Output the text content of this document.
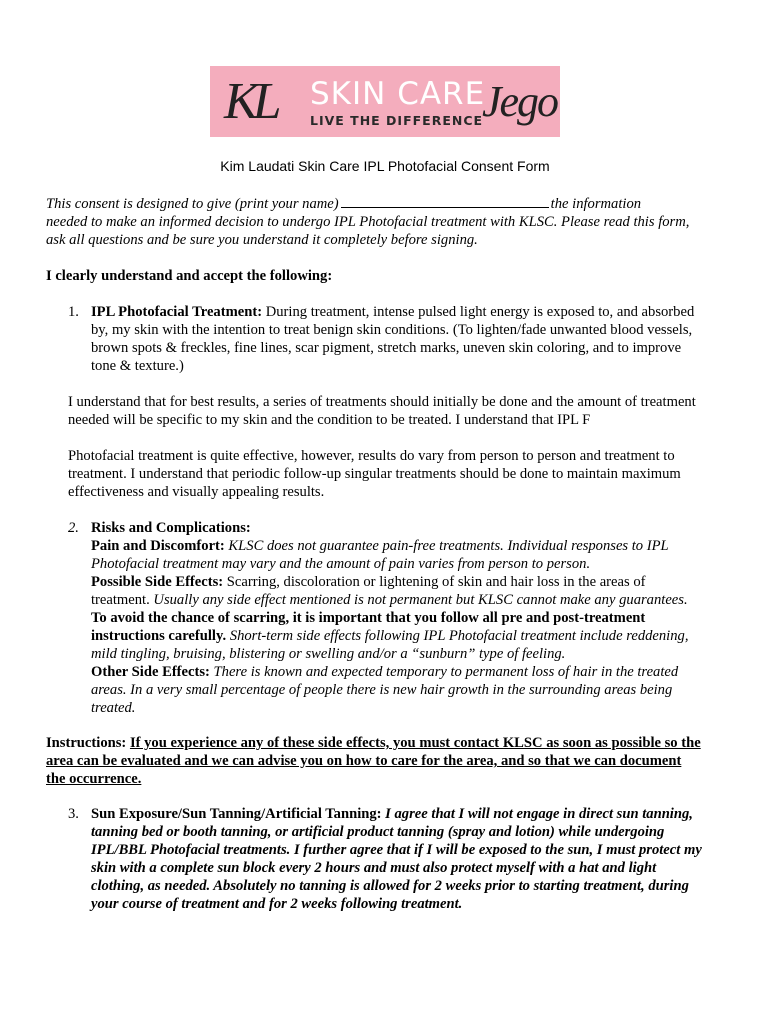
KL SKIN CARE
LIVE THE DIFFERENCE
Jego
Kim Laudati Skin Care IPL Photofacial Consent Form
This consent is designed to give (print your name)	the information
needed to make an informed decision to undergo IPL Photofacial treatment with KLSC. Please read this form,
ask all questions and be sure you understand it completely before signing.
I clearly understand and accept the following:
1. IPL Photofacial Treatment: During treatment, intense pulsed light energy is exposed to, and absorbed
by, my skin with the intention to treat benign skin conditions. (To lighten/fade unwanted blood vessels,
brown spots & freckles, fine lines, scar pigment, stretch marks, uneven skin coloring, and to improve
tone & texture.)
I understand that for best results, a series of treatments should initially be done and the amount of treatment
needed will be specific to my skin and the condition to be treated. I understand that IPL F
Photofacial treatment is quite effective, however, results do vary from person to person and treatment to
treatment. I understand that periodic follow-up singular treatments should be done to maintain maximum
effectiveness and visually appealing results.
2. Risks and Complications:
Pain and Discomfort: KLSC does not guarantee pain-free treatments. Individual responses to IPL
Photofacial treatment may vary and the amount of pain varies from person to person.
Possible Side Effects: Scarring, discoloration or lightening of skin and hair loss in the areas of
treatment. Usually any side effect mentioned is not permanent but KLSC cannot make any guarantees.
To avoid the chance of scarring, it is important that you follow all pre and post-treatment
instructions carefully. Short-term side effects following IPL Photofacial treatment include reddening,
mild tingling, bruising, blistering or swelling and/or a “sunburn” type of feeling.
Other Side Effects: There is known and expected temporary to permanent loss of hair in the treated
areas. In a very small percentage of people there is new hair growth in the surrounding areas being
treated.
Instructions: If you experience any of these side effects, you must contact KLSC as soon as possible so the
area can be evaluated and we can advise you on how to care for the area, and so that we can document
the occurrence.
3. Sun Exposure/Sun Tanning/Artificial Tanning: I agree that I will not engage in direct sun tanning,
tanning bed or booth tanning, or artificial product tanning (spray and lotion) while undergoing
IPL/BBL Photofacial treatments. I further agree that if I will be exposed to the sun, I must protect my
skin with a complete sun block every 2 hours and must also protect myself with a hat and light
clothing, as needed. Absolutely no tanning is allowed for 2 weeks prior to starting treatment, during
your course of treatment and for 2 weeks following treatment.
